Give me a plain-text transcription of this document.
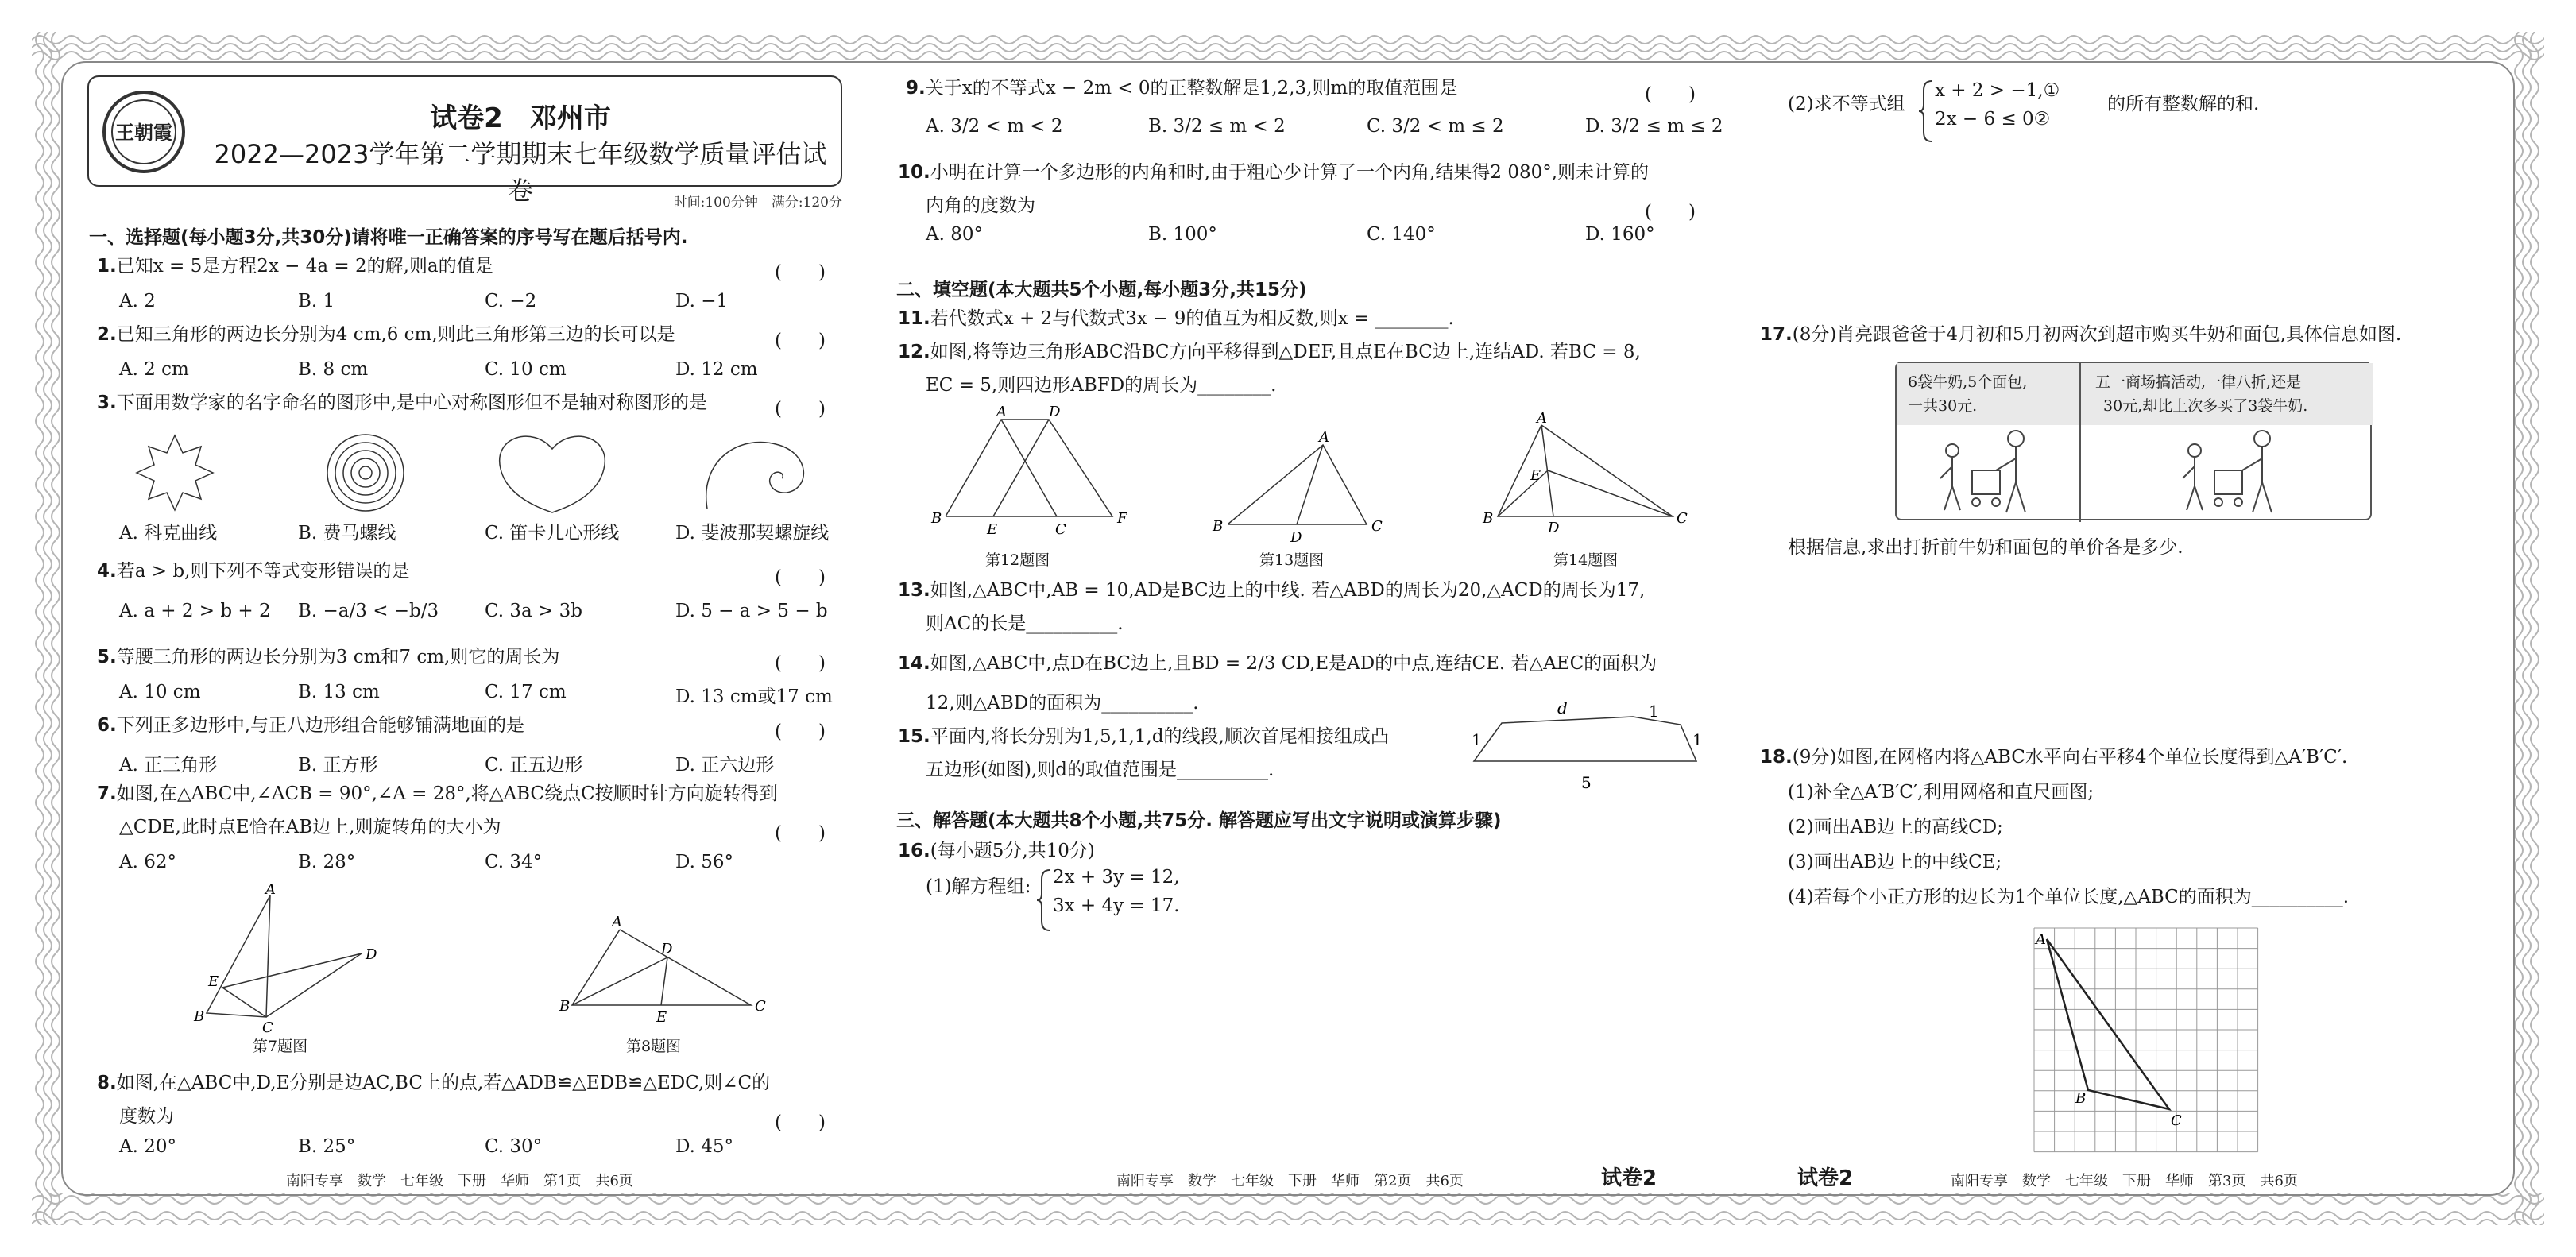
王朝霞	试卷2　邓州市
2022—2023学年第二学期期末七年级数学质量评估试卷	时间:100分钟　满分:120分
一、选择题(每小题3分,共30分)请将唯一正确答案的序号写在题后括号内.
1.已知x = 5是方程2x − 4a = 2的解,则a的值是	(　　)
A. 2	B. 1	C. −2	D. −1
2.已知三角形的两边长分别为4 cm,6 cm,则此三角形第三边的长可以是	(　　)
A. 2 cm	B. 8 cm	C. 10 cm	D. 12 cm
3.下面用数学家的名字命名的图形中,是中心对称图形但不是轴对称图形的是	(　　)
A. 科克曲线	B. 费马螺线	C. 笛卡儿心形线	D. 斐波那契螺旋线
4.若a > b,则下列不等式变形错误的是	(　　)
A. a + 2 > b + 2	B. −a/3 < −b/3	C. 3a > 3b	D. 5 − a > 5 − b
5.等腰三角形的两边长分别为3 cm和7 cm,则它的周长为	(　　)
A. 10 cm	B. 13 cm	C. 17 cm	D. 13 cm或17 cm
6.下列正多边形中,与正八边形组合能够铺满地面的是	(　　)
A. 正三角形	B. 正方形	C. 正五边形	D. 正六边形
7.如图,在△ABC中,∠ACB = 90°,∠A = 28°,将△ABC绕点C按顺时针方向旋转得到
△CDE,此时点E恰在AB边上,则旋转角的大小为	(　　)
A. 62°	B. 28°	C. 34°	D. 56°
A
B
C
D
E
第7题图
A
B	C
D
E
第8题图
8.如图,在△ABC中,D,E分别是边AC,BC上的点,若△ADB≌△EDB≌△EDC,则∠C的
度数为	(　　)
A. 20°	B. 25°	C. 30°	D. 45°
南阳专享　数学　七年级　下册　华师　第1页　共6页
9.关于x的不等式x − 2m < 0的正整数解是1,2,3,则m的取值范围是	(　　)
A. 3/2 < m < 2	B. 3/2 ≤ m < 2	C. 3/2 < m ≤ 2	D. 3/2 ≤ m ≤ 2
10.小明在计算一个多边形的内角和时,由于粗心少计算了一个内角,结果得2 080°,则未计算的
内角的度数为	(　　)
A. 80°	B. 100°	C. 140°	D. 160°
二、填空题(本大题共5个小题,每小题3分,共15分)
11.若代数式x + 2与代数式3x − 9的值互为相反数,则x = ________.
12.如图,将等边三角形ABC沿BC方向平移得到△DEF,且点E在BC边上,连结AD. 若BC = 8,
EC = 5,则四边形ABFD的周长为________.
A	D
B
E	C
F
第12题图
A
B	C
D
第13题图
A
B	C
D
E
第14题图
13.如图,△ABC中,AB = 10,AD是BC边上的中线. 若△ABD的周长为20,△ACD的周长为17,
则AC的长是__________.
14.如图,△ABC中,点D在BC边上,且BD = 2/3 CD,E是AD的中点,连结CE. 若△AEC的面积为
12,则△ABD的面积为__________.
15.平面内,将长分别为1,5,1,1,d的线段,顺次首尾相接组成凸
五边形(如图),则d的取值范围是__________.
d
1
1
1
5
三、解答题(本大题共8个小题,共75分. 解答题应写出文字说明或演算步骤)
16.(每小题5分,共10分)
(1)解方程组: 2x + 3y = 12,
3x + 4y = 17.
南阳专享　数学　七年级　下册　华师　第2页　共6页	试卷2
(2)求不等式组
x + 2 > −1,①
2x − 6 ≤ 0②
的所有整数解的和.
17.(8分)肖亮跟爸爸于4月初和5月初两次到超市购买牛奶和面包,具体信息如图.
6袋牛奶,5个面包,
一共30元.
五一商场搞活动,一律八折,还是
30元,却比上次多买了3袋牛奶.
根据信息,求出打折前牛奶和面包的单价各是多少.
18.(9分)如图,在网格内将△ABC水平向右平移4个单位长度得到△A′B′C′.
(1)补全△A′B′C′,利用网格和直尺画图;
(2)画出AB边上的高线CD;
(3)画出AB边上的中线CE;
(4)若每个小正方形的边长为1个单位长度,△ABC的面积为__________.
A
B
C
试卷2	南阳专享　数学　七年级　下册　华师　第3页　共6页
